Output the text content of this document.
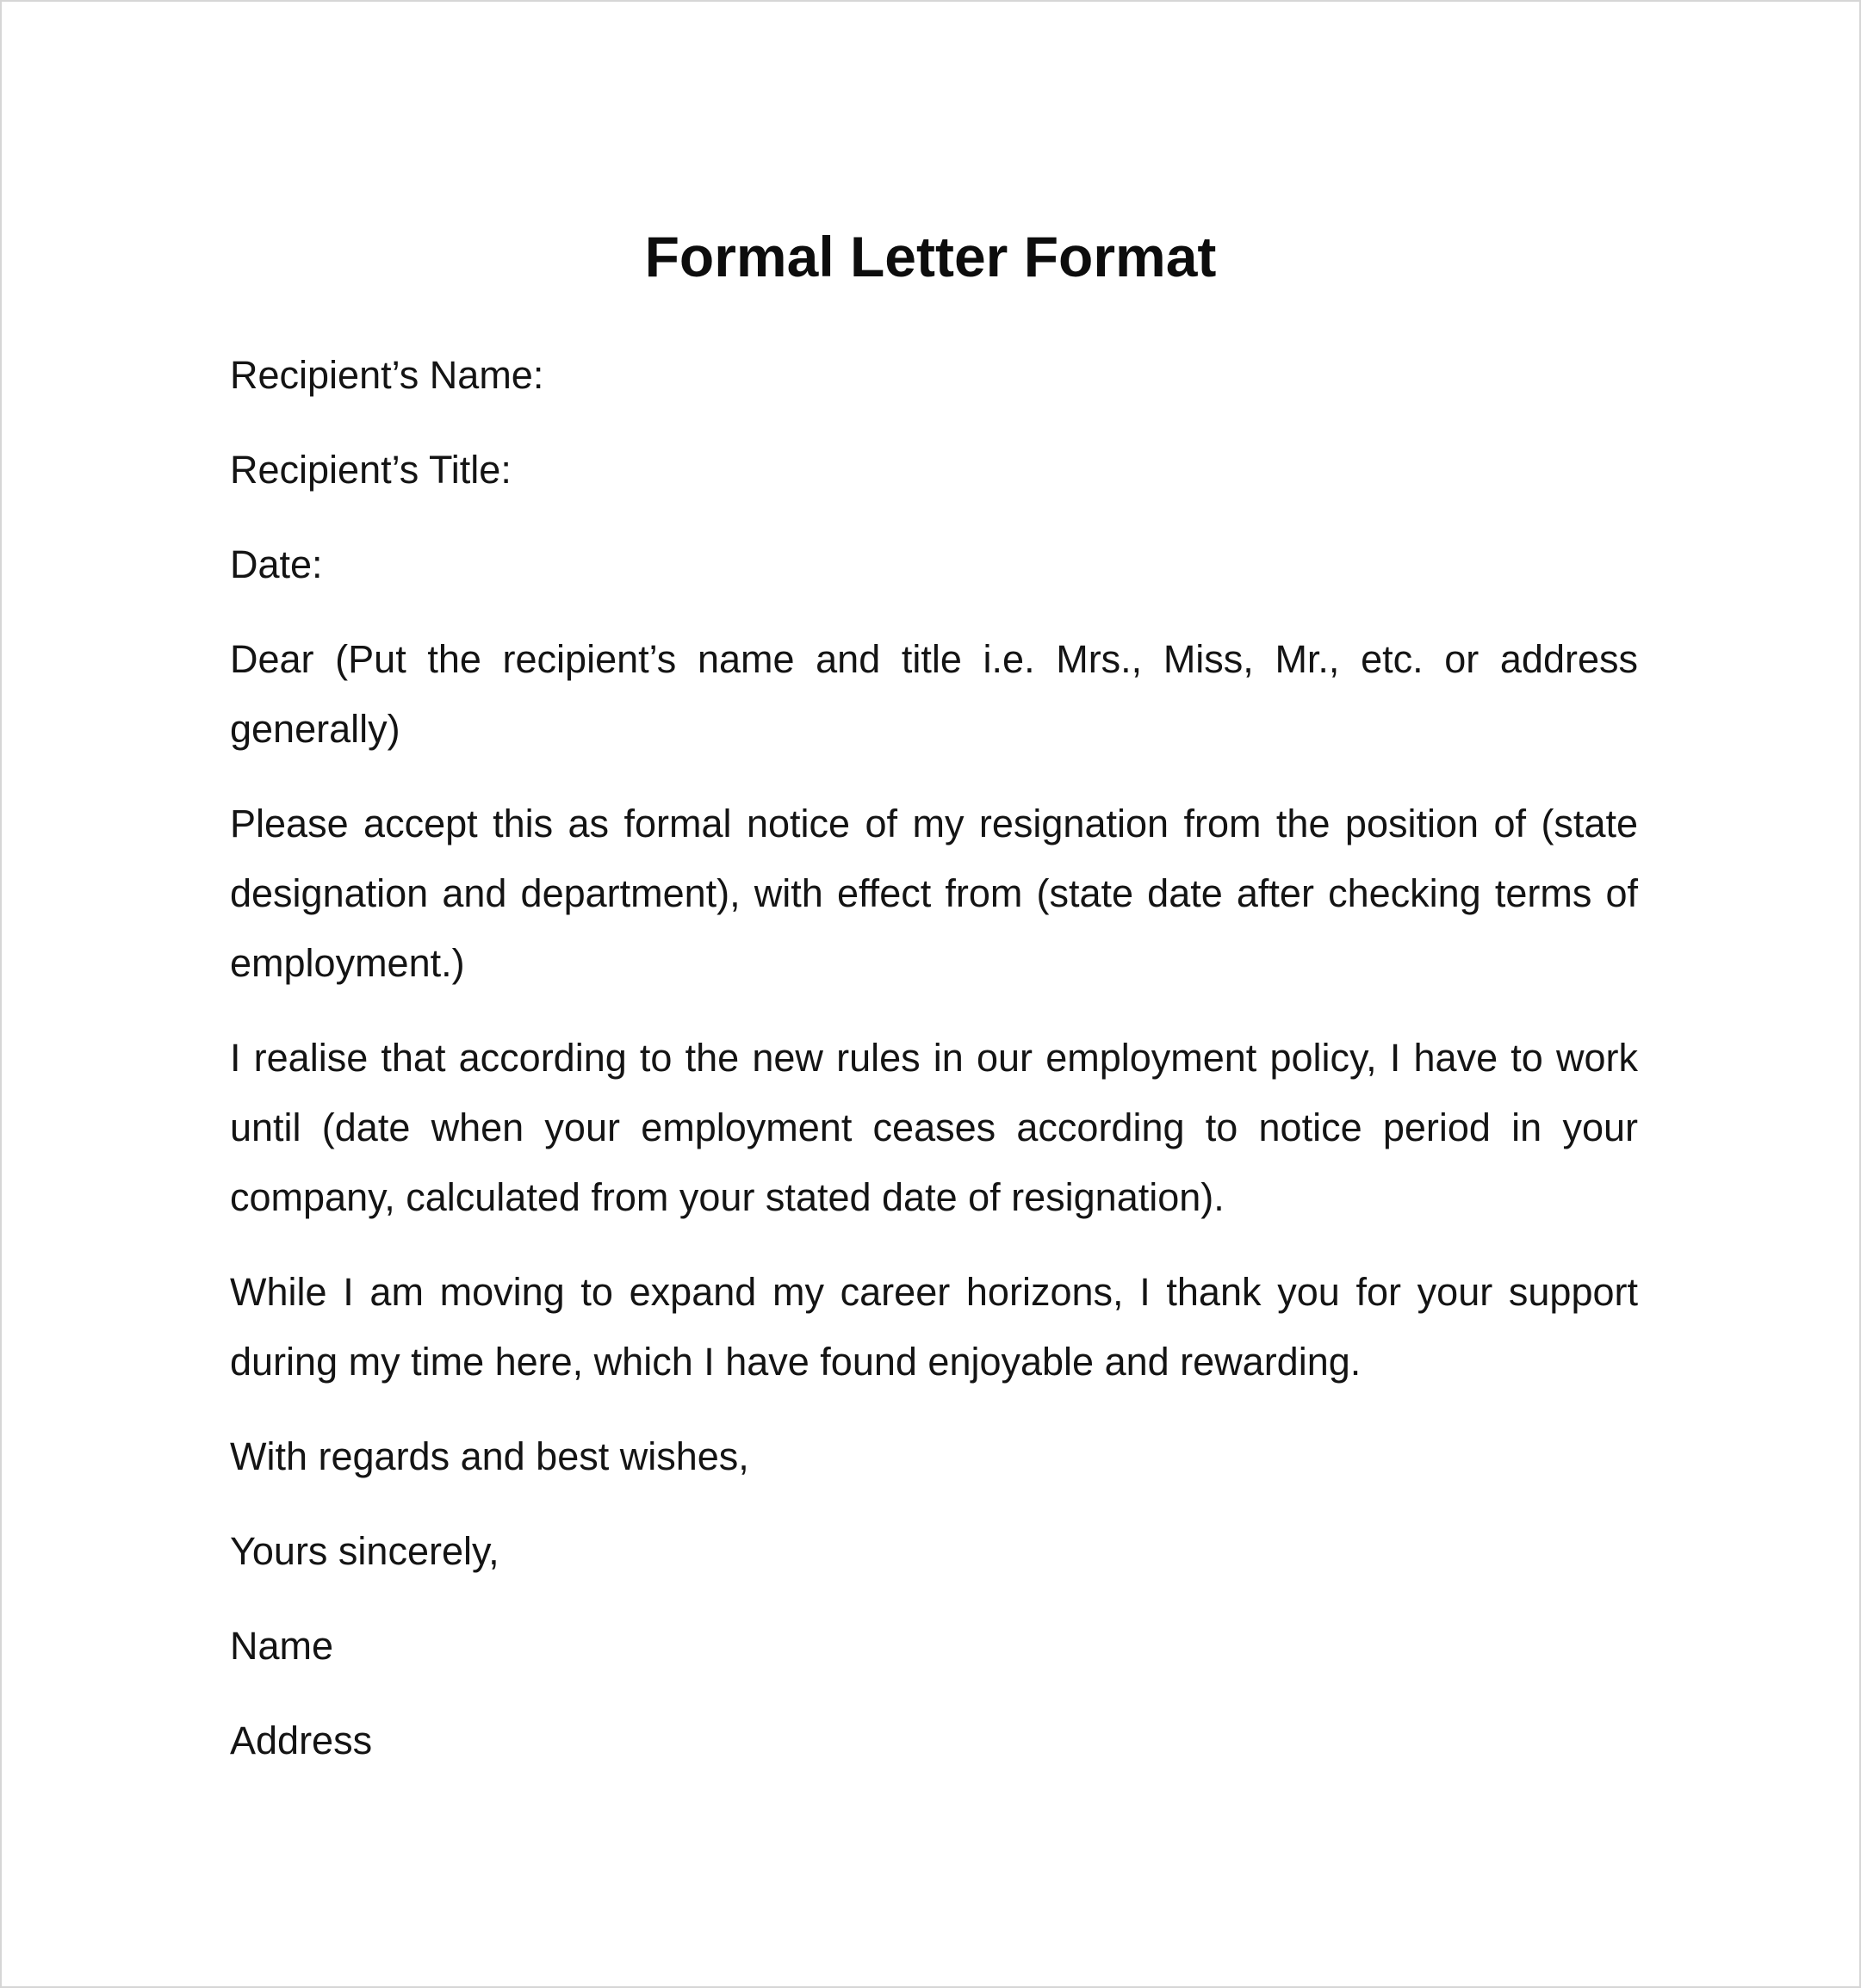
Formal Letter Format
Recipient’s Name:
Recipient’s Title:
Date:
Dear (Put the recipient’s name and title i.e. Mrs., Miss, Mr., etc. or address generally)
Please accept this as formal notice of my resignation from the position of (state designation and department), with effect from (state date after checking terms of employment.)
I realise that according to the new rules in our employment policy, I have to work until (date when your employment ceases according to notice period in your company, calculated from your stated date of resignation).
While I am moving to expand my career horizons, I thank you for your support during my time here, which I have found enjoyable and rewarding.
With regards and best wishes,
Yours sincerely,
Name
Address
